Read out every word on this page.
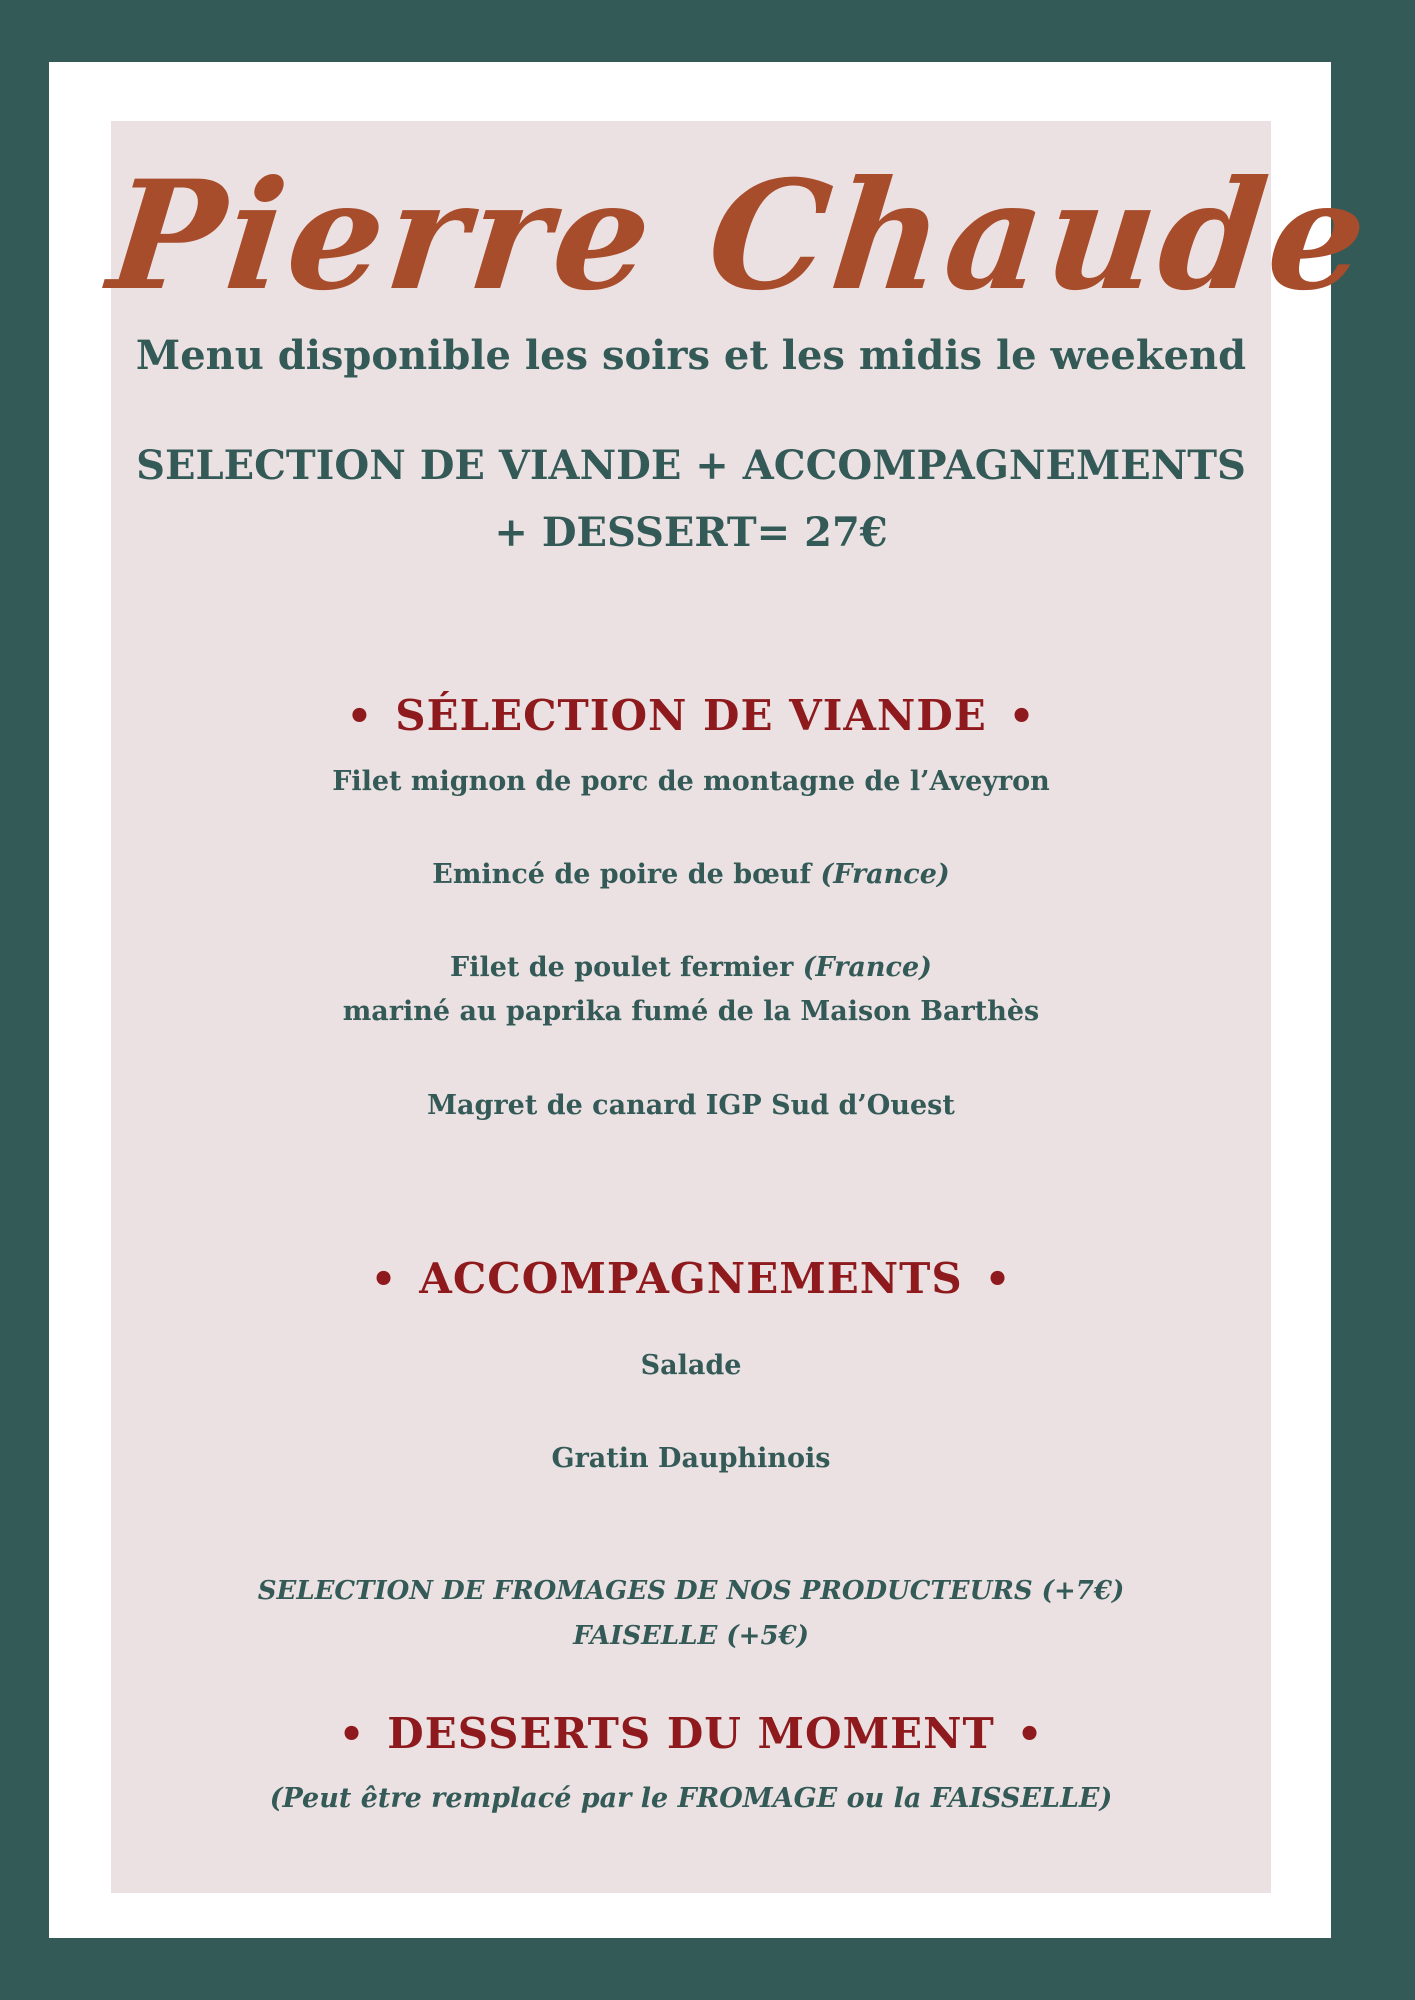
Pierre Chaude

Menu disponible les soirs et les midis le weekend

SELECTION DE VIANDE + ACCOMPAGNEMENTS

+ DESSERT= 27€

• SÉLECTION DE VIANDE •

Filet mignon de porc de montagne de l’Aveyron

Emincé de poire de bœuf (France)

Filet de poulet fermier (France)

mariné au paprika fumé de la Maison Barthès

Magret de canard IGP Sud d’Ouest

• ACCOMPAGNEMENTS •

Salade

Gratin Dauphinois

SELECTION DE FROMAGES DE NOS PRODUCTEURS (+7€)

FAISELLE (+5€)

• DESSERTS DU MOMENT •

(Peut être remplacé par le FROMAGE ou la FAISSELLE)
